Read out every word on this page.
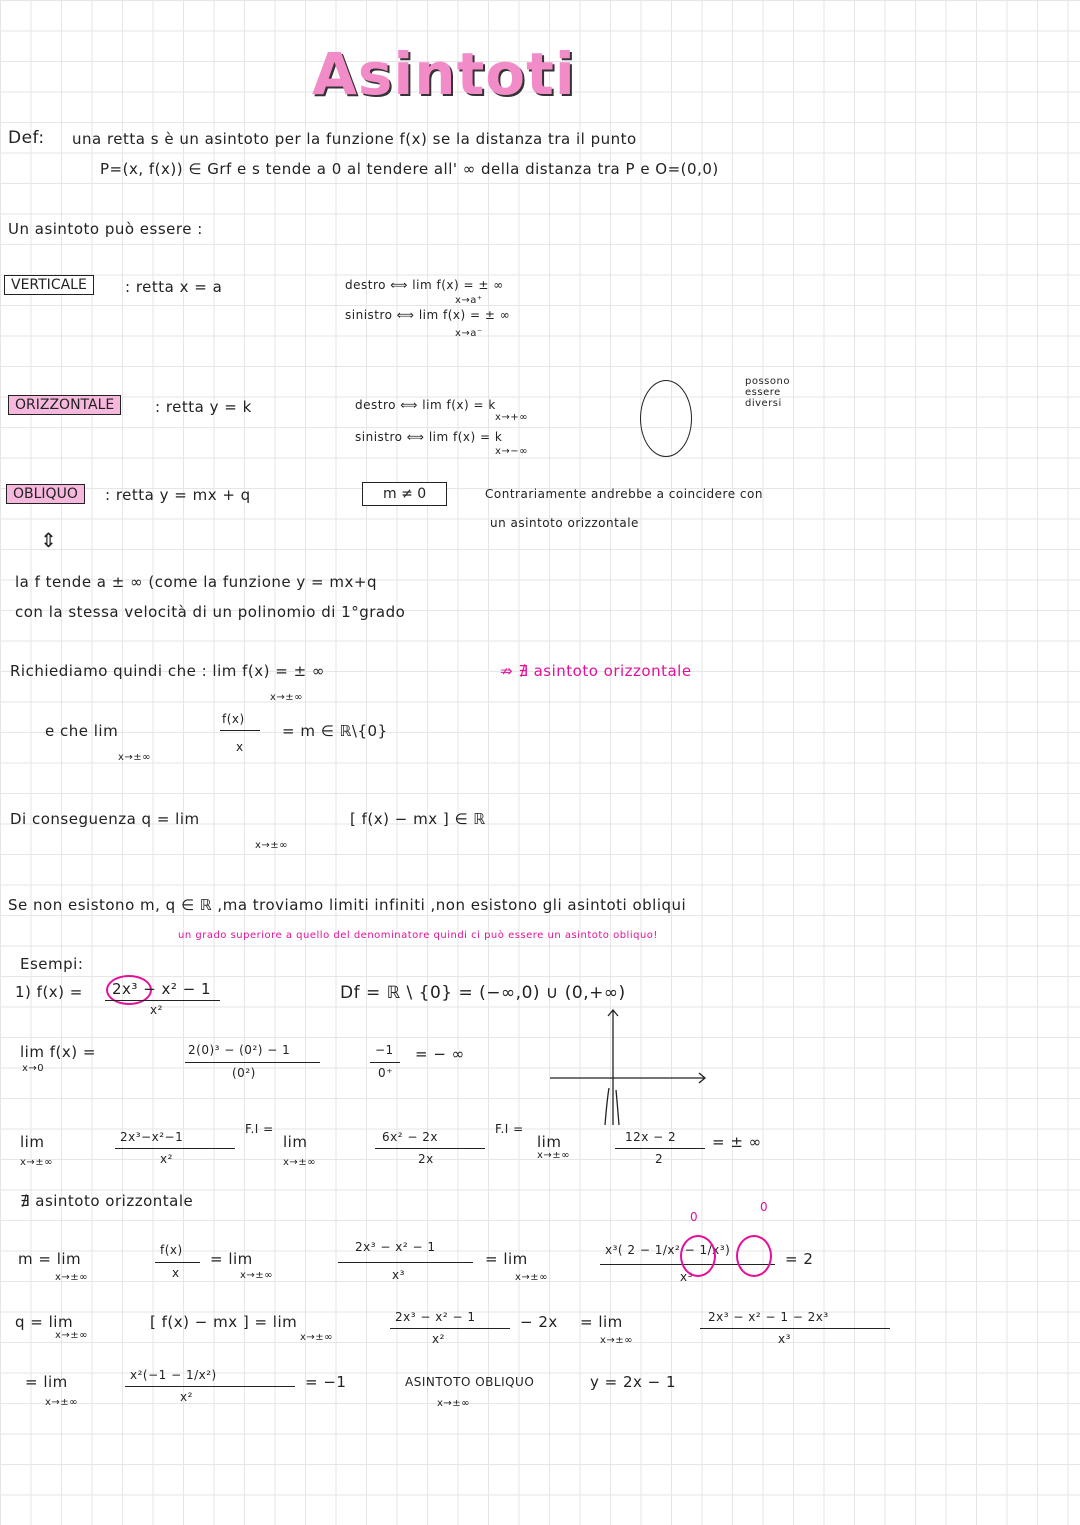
Asintoti
Def: una retta s è un asintoto per la funzione f(x) se la distanza tra il punto
P=(x, f(x)) ∈ Grf e s tende a 0 al tendere all' ∞ della distanza tra P e O=(0,0)
Un asintoto può essere :
VERTICALE	: retta x = a	destro ⟺ lim f(x) = ± ∞
x→a⁺
sinistro ⟺ lim f(x) = ± ∞
x→a⁻
ORIZZONTALE	: retta y = k	destro ⟺ lim f(x) = k
x→+∞
sinistro ⟺ lim f(x) = k
x→−∞
possono essere diversi
OBLIQUO	: retta y = mx + q	m ≠ 0	Contrariamente andrebbe a coincidere con
un asintoto orizzontale
⇕
la f tende a ± ∞ (come la funzione y = mx+q
con la stessa velocità di un polinomio di 1°grado
Richiediamo quindi che : lim f(x) = ± ∞
x→±∞
⇏ ∄ asintoto orizzontale
e che lim
x→±∞
f(x)
x
= m ∈ ℝ\{0}
Di conseguenza q = lim
x→±∞
[ f(x) − mx ] ∈ ℝ
Se non esistono m, q ∈ ℝ ,ma troviamo limiti infiniti ,non esistono gli asintoti obliqui
un grado superiore a quello del denominatore quindi ci può essere un asintoto obliquo!
Esempi:
1) f(x) = 2x³ − x² − 1
x²
Df = ℝ \ {0} = (−∞,0) ∪ (0,+∞)
lim f(x) =
x→0
2(0)³ − (0²) − 1
(0²)
−1
0⁺
= − ∞
lim
x→±∞
2x³−x²−1
x²
F.I =
lim
x→±∞
6x² − 2x
2x
F.I =
lim
x→±∞
12x − 2
2
= ± ∞
∄ asintoto orizzontale
m = lim
x→±∞
f(x)
x
= lim
x→±∞
2x³ − x² − 1
x³
= lim
x→±∞
x³( 2 − 1/x² − 1/x³)
x³
= 2
0
0
q = lim
x→±∞
[ f(x) − mx ] = lim
x→±∞
2x³ − x² − 1
x²
− 2x = lim
x→±∞
2x³ − x² − 1 − 2x³
x³
= lim
x→±∞
x²(−1 − 1/x²)
x²
= −1	ASINTOTO OBLIQUO
x→±∞
y = 2x − 1
